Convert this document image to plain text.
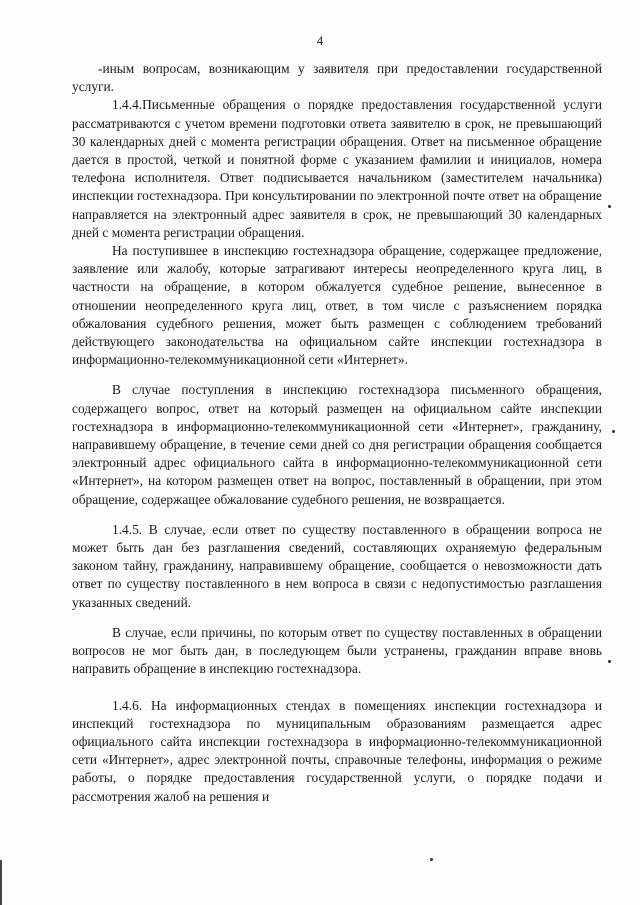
4

-иным вопросам, возникающим у заявителя при предоставлении государственной услуги.

1.4.4.Письменные обращения о порядке предоставления государственной услуги рассматриваются с учетом времени подготовки ответа заявителю в срок, не превышающий 30 календарных дней с момента регистрации обращения. Ответ на письменное обращение дается в простой, четкой и понятной форме с указанием фамилии и инициалов, номера телефона исполнителя. Ответ подписывается начальником (заместителем начальника) инспекции гостехнадзора. При консультировании по электронной почте ответ на обращение направляется на электронный адрес заявителя в срок, не превышающий 30 календарных дней с момента регистрации обращения.

На поступившее в инспекцию гостехнадзора обращение, содержащее предложение, заявление или жалобу, которые затрагивают интересы неопределенного круга лиц, в частности на обращение, в котором обжалуется судебное решение, вынесенное в отношении неопределенного круга лиц, ответ, в том числе с разъяснением порядка обжалования судебного решения, может быть размещен с соблюдением требований действующего законодательства на официальном сайте инспекции гостехнадзора в информационно-телекоммуникационной сети «Интернет».

В случае поступления в инспекцию гостехнадзора письменного обращения, содержащего вопрос, ответ на который размещен на официальном сайте инспекции гостехнадзора в информационно-телекоммуникационной сети «Интернет», гражданину, направившему обращение, в течение семи дней со дня регистрации обращения сообщается электронный адрес официального сайта в информационно-телекоммуникационной сети «Интернет», на котором размещен ответ на вопрос, поставленный в обращении, при этом обращение, содержащее обжалование судебного решения, не возвращается.

1.4.5. В случае, если ответ по существу поставленного в обращении вопроса не может быть дан без разглашения сведений, составляющих охраняемую федеральным законом тайну, гражданину, направившему обращение, сообщается о невозможности дать ответ по существу поставленного в нем вопроса в связи с недопустимостью разглашения указанных сведений.

В случае, если причины, по которым ответ по существу поставленных в обращении вопросов не мог быть дан, в последующем были устранены, гражданин вправе вновь направить обращение в инспекцию гостехнадзора.

1.4.6. На информационных стендах в помещениях инспекции гостехнадзора и инспекций гостехнадзора по муниципальным образованиям размещается адрес официального сайта инспекции гостехнадзора в информационно-телекоммуникационной сети «Интернет», адрес электронной почты, справочные телефоны, информация о режиме работы, о порядке предоставления государственной услуги, о порядке подачи и рассмотрения жалоб на решения и
